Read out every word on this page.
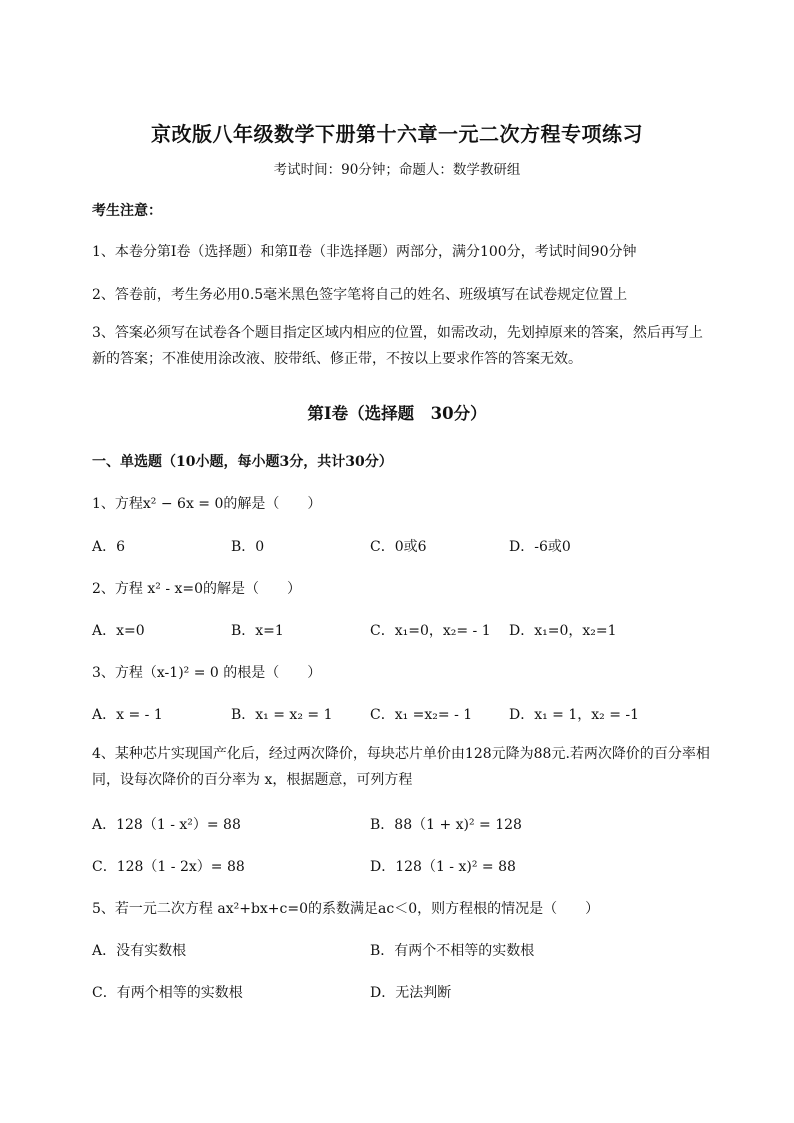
京改版八年级数学下册第十六章一元二次方程专项练习
考试时间：90分钟；命题人：数学教研组
考生注意：
1、本卷分第I卷（选择题）和第Ⅱ卷（非选择题）两部分，满分100分，考试时间90分钟
2、答卷前，考生务必用0.5毫米黑色签字笔将自己的姓名、班级填写在试卷规定位置上
3、答案必须写在试卷各个题目指定区域内相应的位置，如需改动，先划掉原来的答案，然后再写上新的答案；不准使用涂改液、胶带纸、修正带，不按以上要求作答的答案无效。
第I卷（选择题　30分）
一、单选题（10小题，每小题3分，共计30分）
1、方程x² − 6x = 0的解是（　　）
A．6	B．0	C．0或6	D．-6或0
2、方程 x² - x=0的解是（　　）
A．x=0	B．x=1	C．x₁=0，x₂= - 1 D．x₁=0，x₂=1
3、方程（x-1)² = 0 的根是（　　）
A．x = - 1	B．x₁ = x₂ = 1	C．x₁ =x₂= - 1	D．x₁ = 1，x₂ = -1
4、某种芯片实现国产化后，经过两次降价，每块芯片单价由128元降为88元.若两次降价的百分率相同，设每次降价的百分率为 x，根据题意，可列方程
A．128（1 - x²）= 88	B．88（1 + x)² = 128
C．128（1 - 2x）= 88	D．128（1 - x)² = 88
5、若一元二次方程 ax²+bx+c=0的系数满足ac＜0，则方程根的情况是（　　）
A．没有实数根	B．有两个不相等的实数根
C．有两个相等的实数根	D．无法判断
